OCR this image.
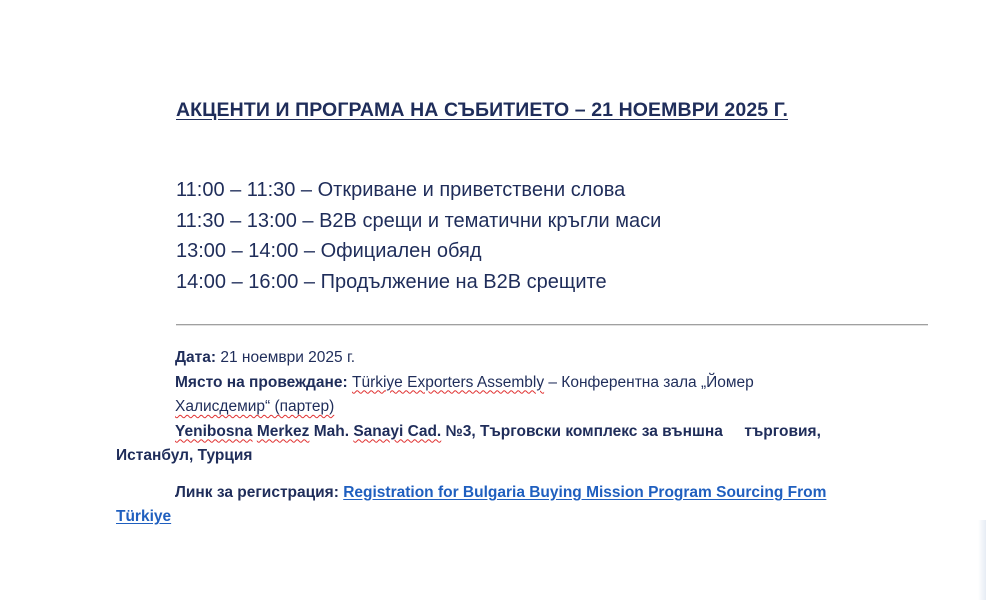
АКЦЕНТИ И ПРОГРАМА НА СЪБИТИЕТО – 21 НОЕМВРИ 2025 Г.
11:00 – 11:30 – Откриване и приветствени слова
11:30 – 13:00 – B2B срещи и тематични кръгли маси
13:00 – 14:00 – Официален обяд
14:00 – 16:00 – Продължение на B2B срещите
Дата: 21 ноември 2025 г.
Място на провеждане: Türkiye Exporters Assembly – Конферентна зала „Йомер
Халисдемир“ (партер)
Yenibosna Merkez Mah. Sanayi Cad. №3, Търговски комплекс за външна     търговия,
Истанбул, Турция
Линк за регистрация: Registration for Bulgaria Buying Mission Program Sourcing From
Türkiye
